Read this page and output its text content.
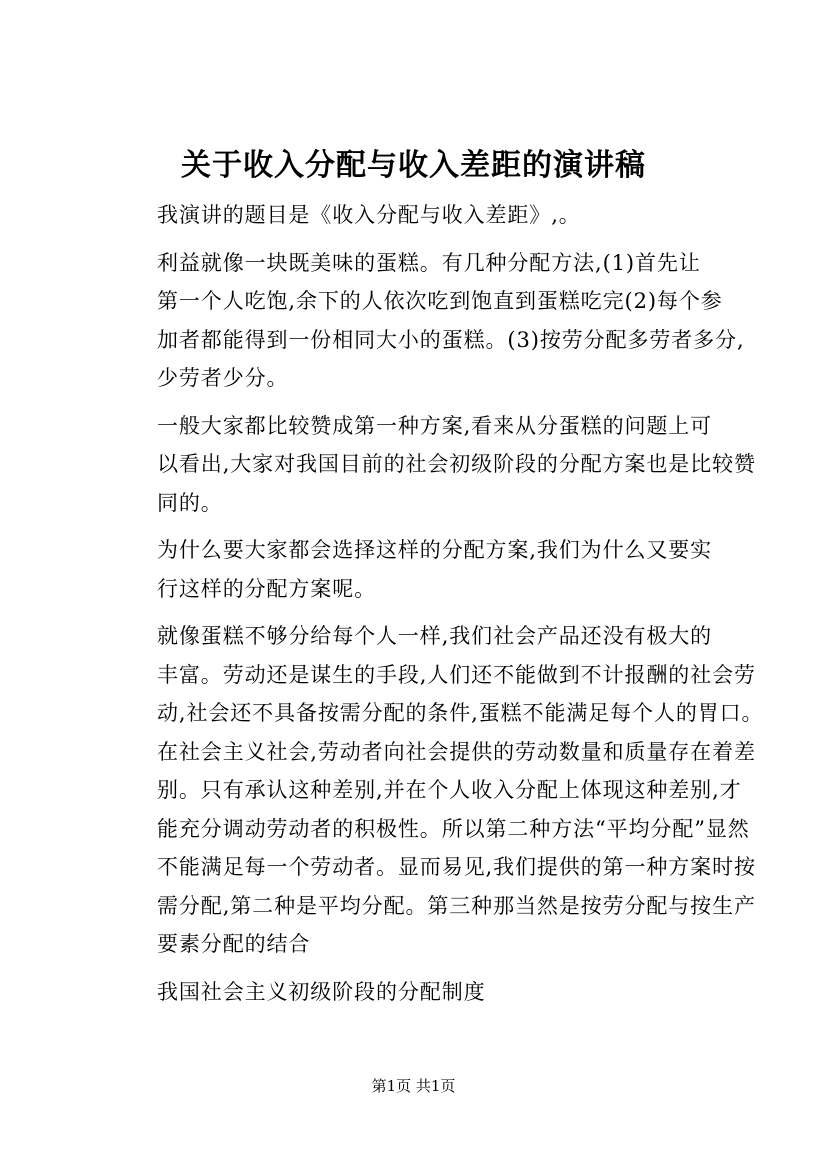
关于收入分配与收入差距的演讲稿

我演讲的题目是《收入分配与收入差距》,。

利益就像一块既美味的蛋糕。有几种分配方法,(1)首先让
第一个人吃饱,余下的人依次吃到饱直到蛋糕吃完(2)每个参
加者都能得到一份相同大小的蛋糕。(3)按劳分配多劳者多分,
少劳者少分。

一般大家都比较赞成第一种方案,看来从分蛋糕的问题上可
以看出,大家对我国目前的社会初级阶段的分配方案也是比较赞
同的。

为什么要大家都会选择这样的分配方案,我们为什么又要实
行这样的分配方案呢。

就像蛋糕不够分给每个人一样,我们社会产品还没有极大的
丰富。劳动还是谋生的手段,人们还不能做到不计报酬的社会劳
动,社会还不具备按需分配的条件,蛋糕不能满足每个人的胃口。
在社会主义社会,劳动者向社会提供的劳动数量和质量存在着差
别。只有承认这种差别,并在个人收入分配上体现这种差别,才
能充分调动劳动者的积极性。所以第二种方法“平均分配”显然
不能满足每一个劳动者。显而易见,我们提供的第一种方案时按
需分配,第二种是平均分配。第三种那当然是按劳分配与按生产
要素分配的结合

我国社会主义初级阶段的分配制度

第1页 共1页
